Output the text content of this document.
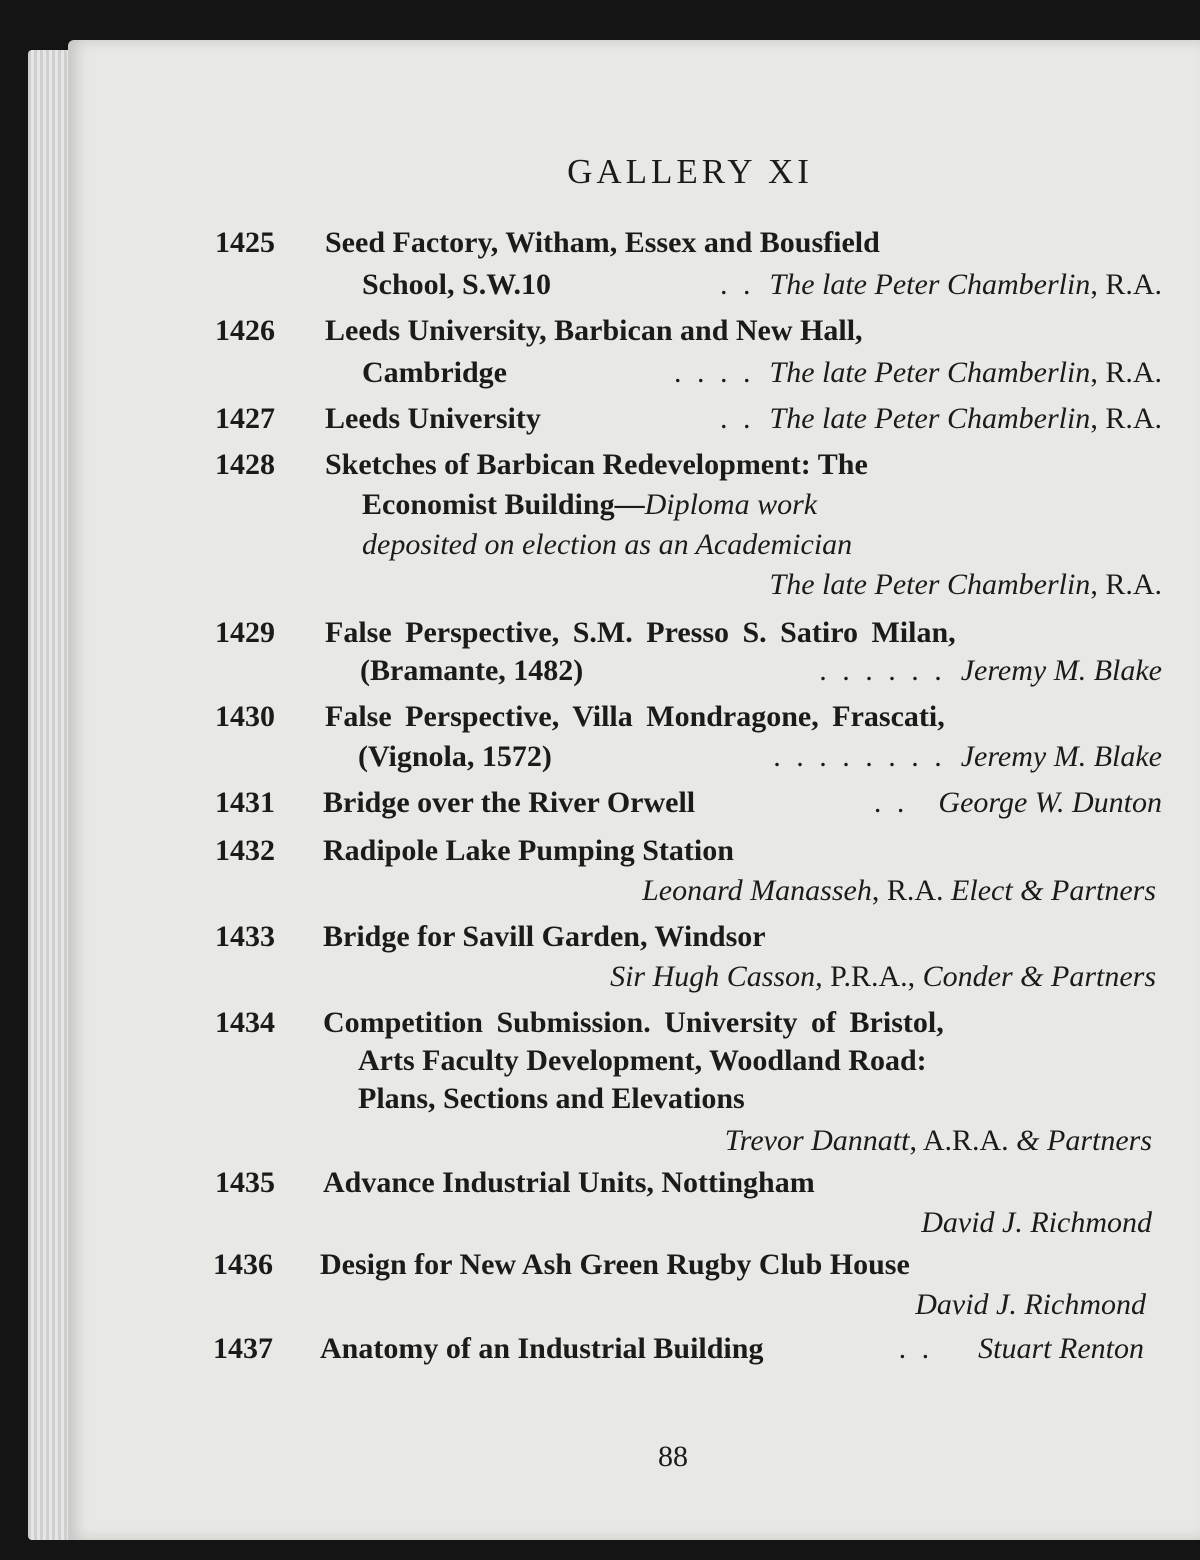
GALLERY XI
1425 Seed Factory, Witham, Essex and Bousfield
School, S.W.10	. . The late Peter Chamberlin, R.A.
1426 Leeds University, Barbican and New Hall,
Cambridge	. . . . The late Peter Chamberlin, R.A.
1427 Leeds University	. . The late Peter Chamberlin, R.A.
1428 Sketches of Barbican Redevelopment: The
Economist Building—Diploma work
deposited on election as an Academician
The late Peter Chamberlin, R.A.
1429 False Perspective, S.M. Presso S. Satiro Milan,
(Bramante, 1482)	. . . . . . Jeremy M. Blake
1430 False Perspective, Villa Mondragone, Frascati,
(Vignola, 1572)	. . . . . . . . Jeremy M. Blake
1431 Bridge over the River Orwell	. . George W. Dunton
1432 Radipole Lake Pumping Station
Leonard Manasseh, R.A. Elect & Partners
1433 Bridge for Savill Garden, Windsor
Sir Hugh Casson, P.R.A., Conder & Partners
1434 Competition Submission. University of Bristol,
Arts Faculty Development, Woodland Road:
Plans, Sections and Elevations
Trevor Dannatt, A.R.A. & Partners
1435 Advance Industrial Units, Nottingham
David J. Richmond
1436 Design for New Ash Green Rugby Club House
David J. Richmond
1437 Anatomy of an Industrial Building	. . Stuart Renton
88
